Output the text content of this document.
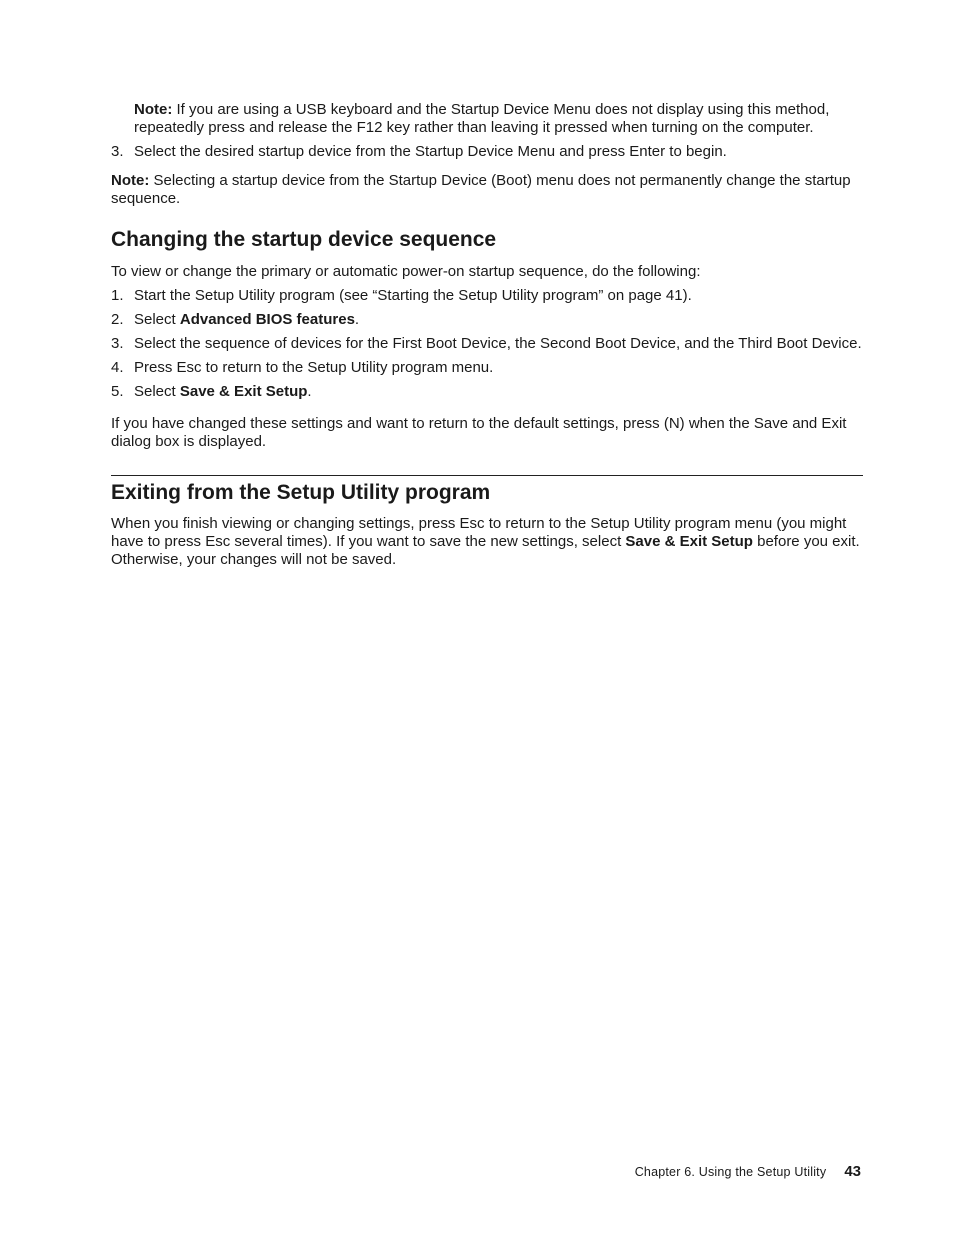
Note: If you are using a USB keyboard and the Startup Device Menu does not display using this method, repeatedly press and release the F12 key rather than leaving it pressed when turning on the computer.

3. Select the desired startup device from the Startup Device Menu and press Enter to begin.

Note: Selecting a startup device from the Startup Device (Boot) menu does not permanently change the startup sequence.

Changing the startup device sequence

To view or change the primary or automatic power-on startup sequence, do the following:

1. Start the Setup Utility program (see “Starting the Setup Utility program” on page 41).
2. Select Advanced BIOS features.
3. Select the sequence of devices for the First Boot Device, the Second Boot Device, and the Third Boot Device.
4. Press Esc to return to the Setup Utility program menu.
5. Select Save & Exit Setup.

If you have changed these settings and want to return to the default settings, press (N) when the Save and Exit dialog box is displayed.

Exiting from the Setup Utility program

When you finish viewing or changing settings, press Esc to return to the Setup Utility program menu (you might have to press Esc several times). If you want to save the new settings, select Save & Exit Setup before you exit. Otherwise, your changes will not be saved.

Chapter 6. Using the Setup Utility 43
